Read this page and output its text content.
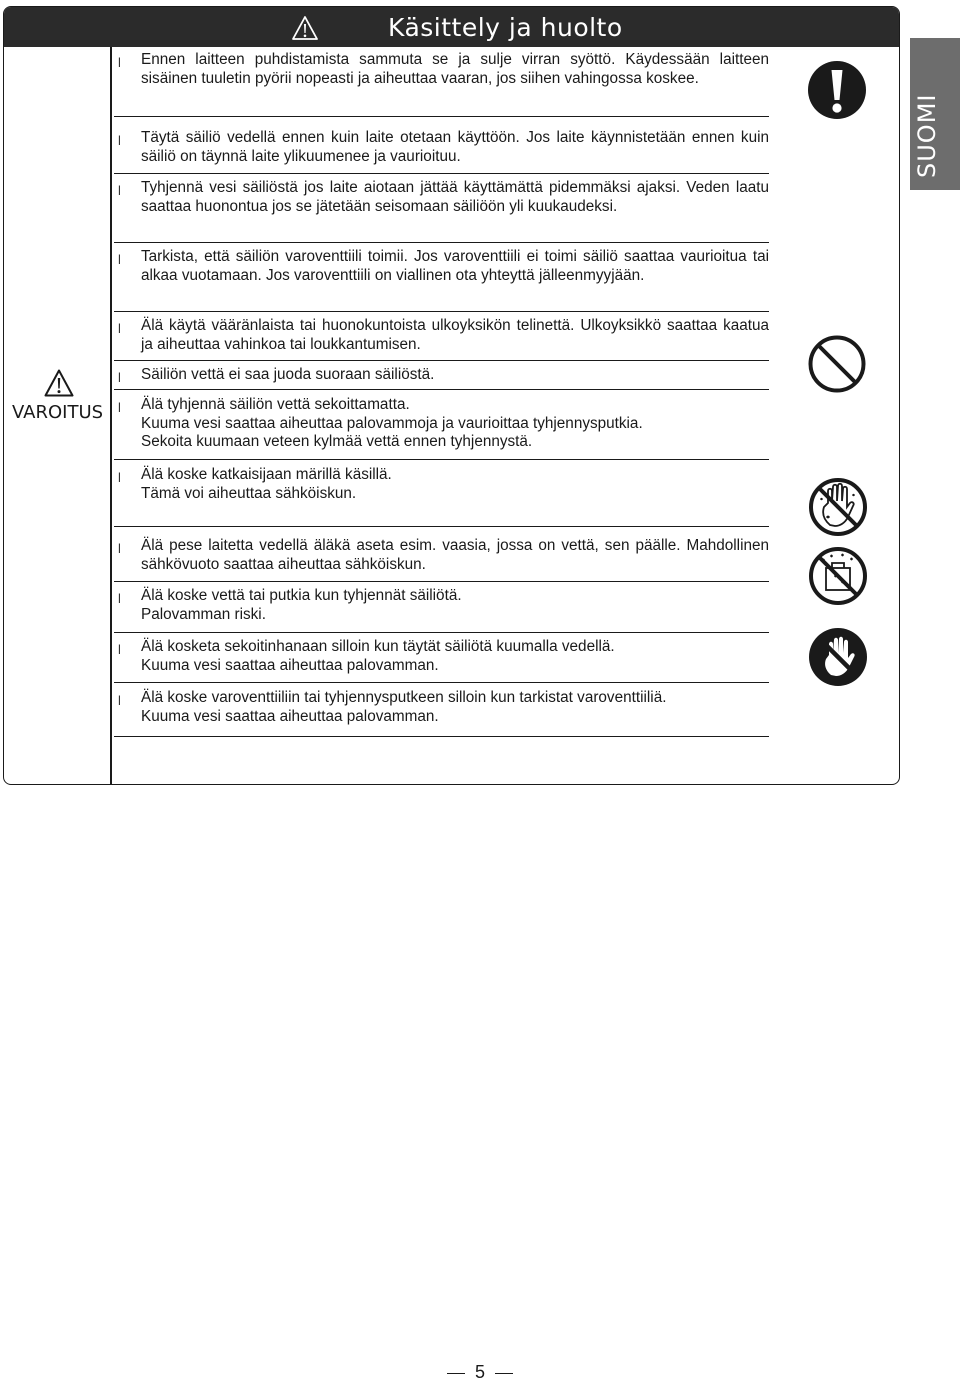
Käsittely ja huolto
VAROITUS
SUOMI
l Ennen laitteen puhdistamista sammuta se ja sulje virran syöttö. Käydessään laitteen sisäinen tuuletin pyörii nopeasti ja aiheuttaa vaaran, jos siihen vahingossa koskee.
l Täytä säiliö vedellä ennen kuin laite otetaan käyttöön. Jos laite käynnistetään ennen kuin säiliö on täynnä laite ylikuumenee ja vaurioituu.
l Tyhjennä vesi säiliöstä jos laite aiotaan jättää käyttämättä pidemmäksi ajaksi. Veden laatu saattaa huonontua jos se jätetään seisomaan säiliöön yli kuukaudeksi.
l Tarkista, että säiliön varoventtiili toimii. Jos varoventtiili ei toimi säiliö saattaa vaurioitua tai alkaa vuotamaan. Jos varoventtiili on viallinen ota yhteyttä jälleenmyyjään.
l Älä käytä vääränlaista tai huonokuntoista ulkoyksikön telinettä. Ulkoyksikkö saattaa kaatua ja aiheuttaa vahinkoa tai loukkantumisen.
l Säiliön vettä ei saa juoda suoraan säiliöstä.
l Älä tyhjennä säiliön vettä sekoittamatta.
Kuuma vesi saattaa aiheuttaa palovammoja ja vaurioittaa tyhjennysputkia.
Sekoita kuumaan veteen kylmää vettä ennen tyhjennystä.
l Älä koske katkaisijaan märillä käsillä.
Tämä voi aiheuttaa sähköiskun.
l Älä pese laitetta vedellä äläkä aseta esim. vaasia, jossa on vettä, sen päälle. Mahdollinen sähkövuoto saattaa aiheuttaa sähköiskun.
l Älä koske vettä tai putkia kun tyhjennät säiliötä.
Palovamman riski.
l Älä kosketa sekoitinhanaan silloin kun täytät säiliötä kuumalla vedellä.
Kuuma vesi saattaa aiheuttaa palovamman.
l Älä koske varoventtiiliin tai tyhjennysputkeen silloin kun tarkistat varoventtiiliä.
Kuuma vesi saattaa aiheuttaa palovamman.
5
